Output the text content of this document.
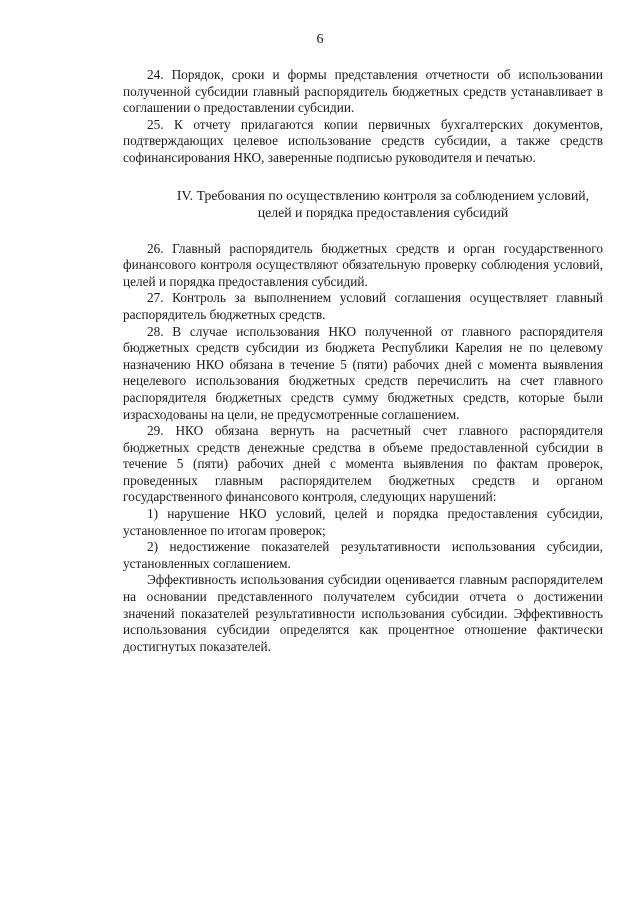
6

24. Порядок, сроки и формы представления отчетности об использовании полученной субсидии главный распорядитель бюджетных средств устанавливает в соглашении о предоставлении субсидии.

25. К отчету прилагаются копии первичных бухгалтерских документов, подтверждающих целевое использование средств субсидии, а также средств софинансирования НКО, заверенные подписью руководителя и печатью.

IV. Требования по осуществлению контроля за соблюдением условий, целей и порядка предоставления субсидий

26. Главный распорядитель бюджетных средств и орган государственного финансового контроля осуществляют обязательную проверку соблюдения условий, целей и порядка предоставления субсидий.

27. Контроль за выполнением условий соглашения осуществляет главный распорядитель бюджетных средств.

28. В случае использования НКО полученной от главного распорядителя бюджетных средств субсидии из бюджета Республики Карелия не по целевому назначению НКО обязана в течение 5 (пяти) рабочих дней с момента выявления нецелевого использования бюджетных средств перечислить на счет главного распорядителя бюджетных средств сумму бюджетных средств, которые были израсходованы на цели, не предусмотренные соглашением.

29. НКО обязана вернуть на расчетный счет главного распорядителя бюджетных средств денежные средства в объеме предоставленной субсидии в течение 5 (пяти) рабочих дней с момента выявления по фактам проверок, проведенных главным распорядителем бюджетных средств и органом государственного финансового контроля, следующих нарушений:

1) нарушение НКО условий, целей и порядка предоставления субсидии, установленное по итогам проверок;

2) недостижение показателей результативности использования субсидии, установленных соглашением.

Эффективность использования субсидии оценивается главным распорядителем на основании представленного получателем субсидии отчета о достижении значений показателей результативности использования субсидии. Эффективность использования субсидии определятся как процентное отношение фактически достигнутых показателей.
